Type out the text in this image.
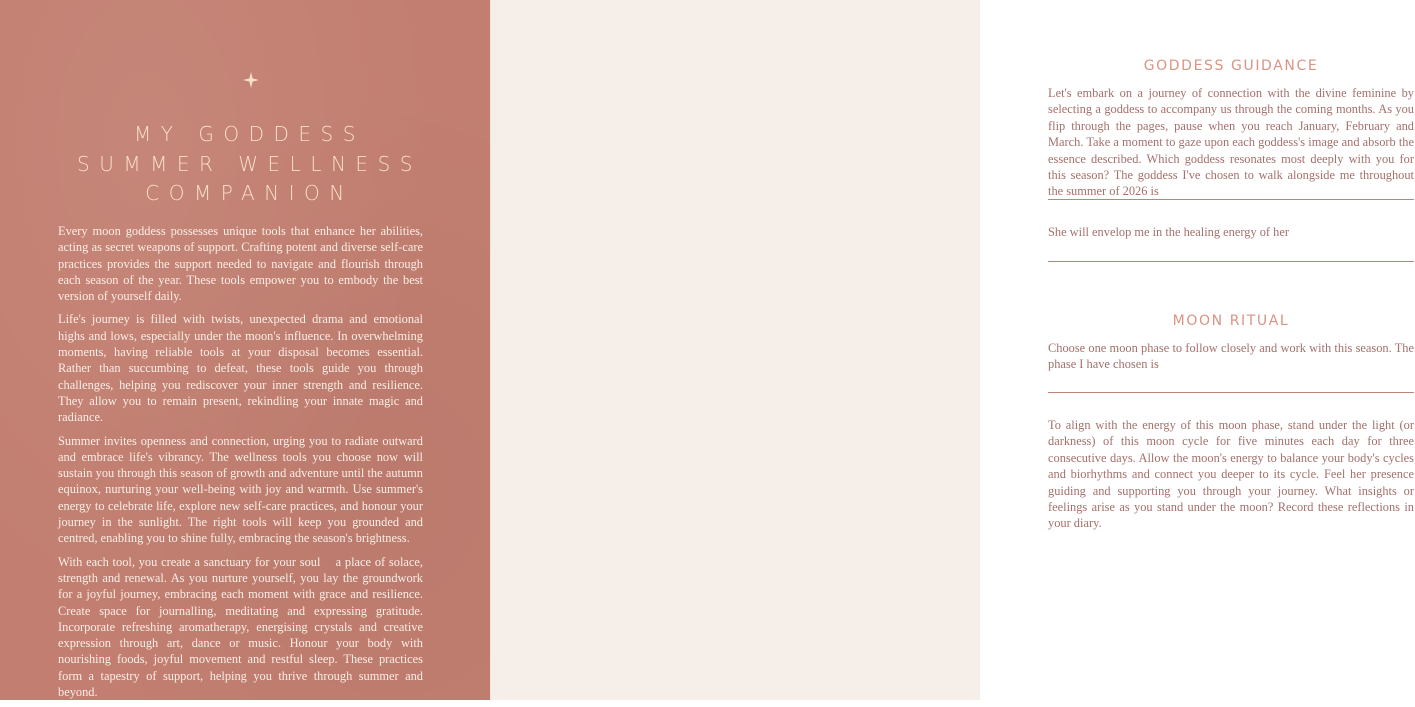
MY GODDESS
SUMMER WELLNESS
COMPANION

Every moon goddess possesses unique tools that enhance her abilities, acting as secret weapons of support. Crafting potent and diverse self-care practices provides the support needed to navigate and flourish through each season of the year. These tools empower you to embody the best version of yourself daily.

Life's journey is filled with twists, unexpected drama and emotional highs and lows, especially under the moon's influence. In overwhelming moments, having reliable tools at your disposal becomes essential. Rather than succumbing to defeat, these tools guide you through challenges, helping you rediscover your inner strength and resilience. They allow you to remain present, rekindling your innate magic and radiance.

Summer invites openness and connection, urging you to radiate outward and embrace life's vibrancy. The wellness tools you choose now will sustain you through this season of growth and adventure until the autumn equinox, nurturing your well-being with joy and warmth. Use summer's energy to celebrate life, explore new self-care practices, and honour your journey in the sunlight. The right tools will keep you grounded and centred, enabling you to shine fully, embracing the season's brightness.

With each tool, you create a sanctuary for your soul    a place of solace, strength and renewal. As you nurture yourself, you lay the groundwork for a joyful journey, embracing each moment with grace and resilience. Create space for journalling, meditating and expressing gratitude. Incorporate refreshing aromatherapy, energising crystals and creative expression through art, dance or music. Honour your body with nourishing foods, joyful movement and restful sleep. These practices form a tapestry of support, helping you thrive through summer and beyond.

GODDESS GUIDANCE

Let's embark on a journey of connection with the divine feminine by selecting a goddess to accompany us through the coming months. As you flip through the pages, pause when you reach January, February and March. Take a moment to gaze upon each goddess's image and absorb the essence described. Which goddess resonates most deeply with you for this season? The goddess I've chosen to walk alongside me throughout the summer of 2026 is

She will envelop me in the healing energy of her

MOON RITUAL

Choose one moon phase to follow closely and work with this season. The phase I have chosen is

To align with the energy of this moon phase, stand under the light (or darkness) of this moon cycle for five minutes each day for three consecutive days. Allow the moon's energy to balance your body's cycles and biorhythms and connect you deeper to its cycle. Feel her presence guiding and supporting you through your journey. What insights or feelings arise as you stand under the moon? Record these reflections in your diary.
